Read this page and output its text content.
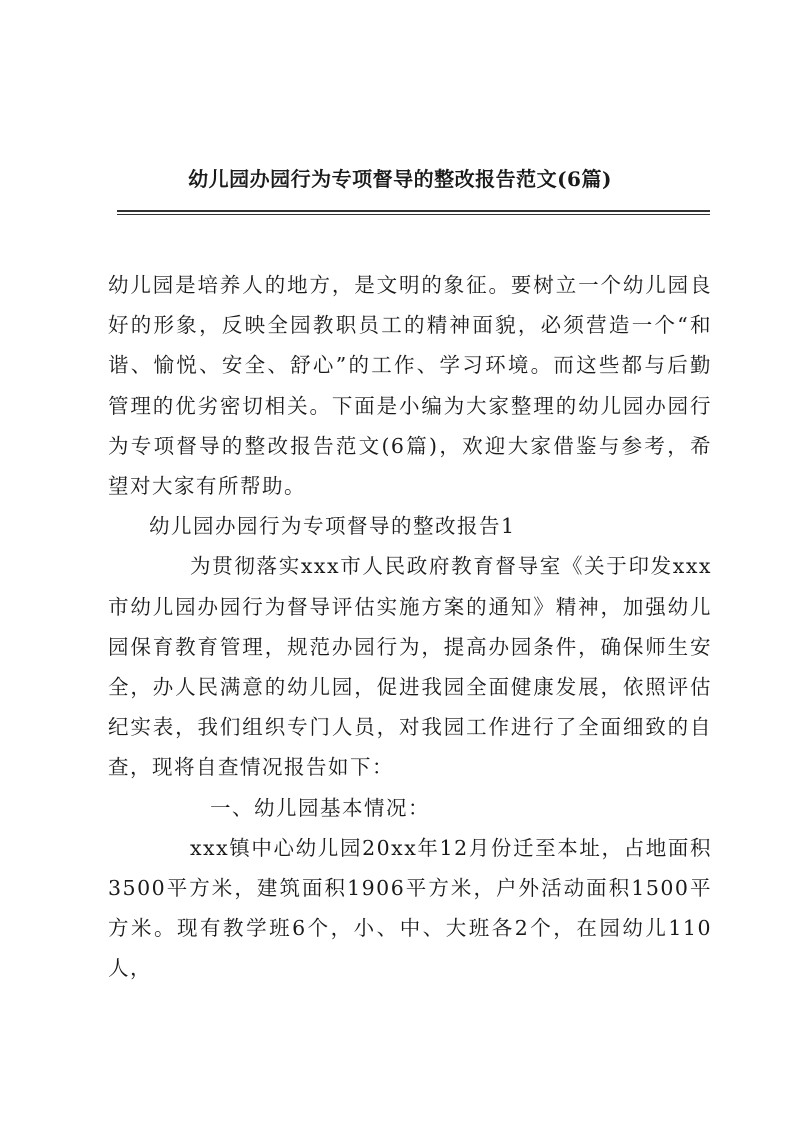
幼儿园办园行为专项督导的整改报告范文(6篇)

幼儿园是培养人的地方，是文明的象征。要树立一个幼儿园良好的形象，反映全园教职员工的精神面貌，必须营造一个“和谐、愉悦、安全、舒心”的工作、学习环境。而这些都与后勤管理的优劣密切相关。下面是小编为大家整理的幼儿园办园行为专项督导的整改报告范文(6篇)，欢迎大家借鉴与参考，希望对大家有所帮助。

幼儿园办园行为专项督导的整改报告1

为贯彻落实xxx市人民政府教育督导室《关于印发xxx市幼儿园办园行为督导评估实施方案的通知》精神，加强幼儿园保育教育管理，规范办园行为，提高办园条件，确保师生安全，办人民满意的幼儿园，促进我园全面健康发展，依照评估纪实表，我们组织专门人员，对我园工作进行了全面细致的自查，现将自查情况报告如下：

一、幼儿园基本情况：

xxx镇中心幼儿园20xx年12月份迁至本址，占地面积3500平方米，建筑面积1906平方米，户外活动面积1500平方米。现有教学班6个，小、中、大班各2个，在园幼儿110人，
